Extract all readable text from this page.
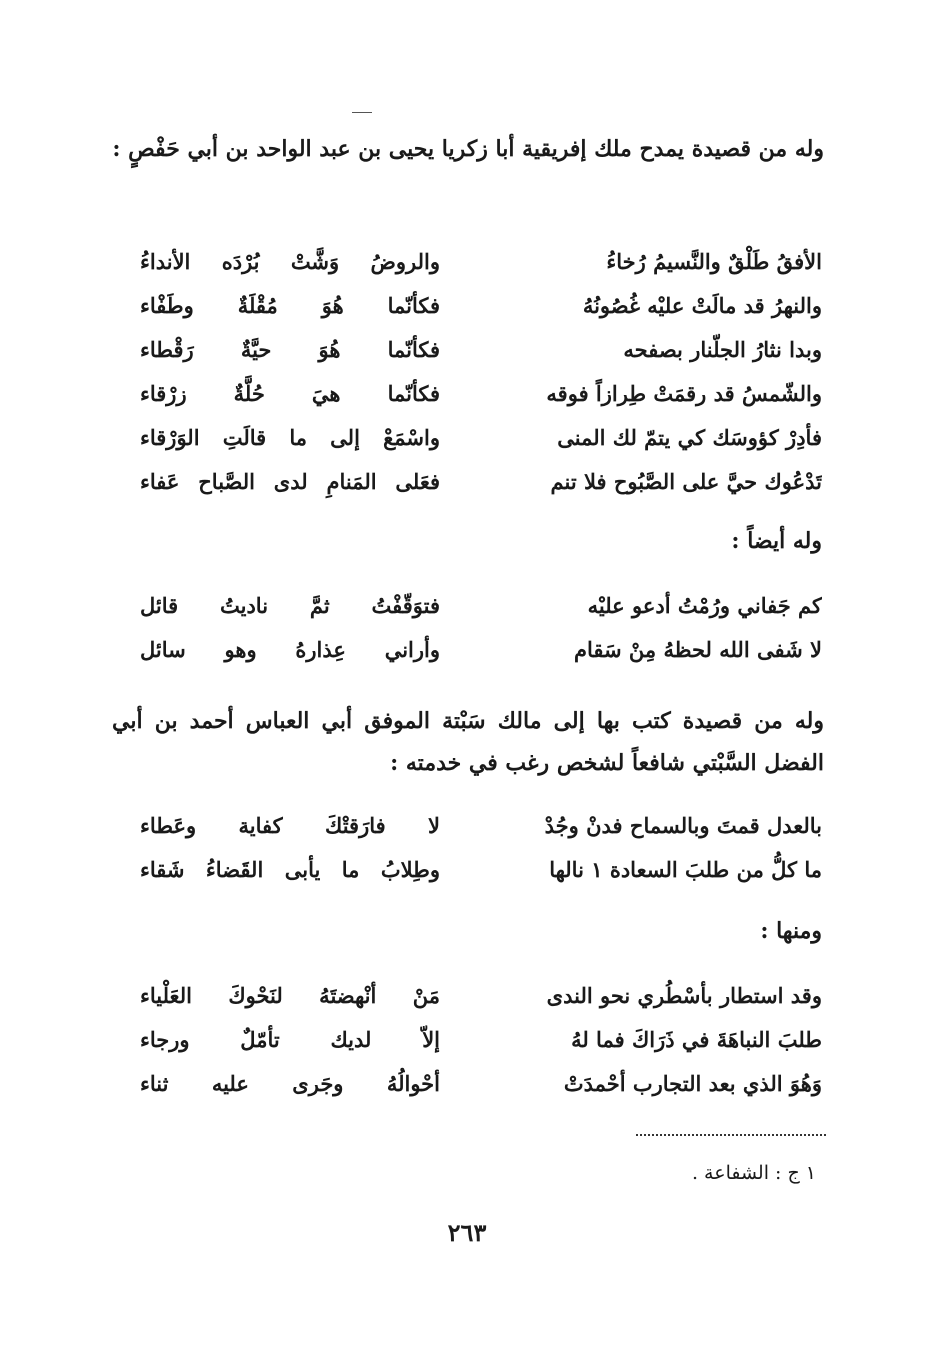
وله من قصيدة يمدح ملك إفريقية أبا زكريا يحيى بن عبد الواحد بن أبي حَفْصٍ :
الأفقُ طَلْقٌ والنَّسيمُ رُخاءُ
والروضُ وَشَّتْ بُرْدَه الأنداءُ
والنهرُ قد مالَتْ عليْه غُصُونُهُ
فكأنّما هُوَ مُقْلَةٌ وطَفْاء
وبدا نثارُ الجلّنار بصفحه
فكأنّما هُوَ حيَّةٌ رَقْطاء
والشّمسُ قد رقمَتْ طِرازاً فوقه
فكأنّما هيَ حُلَّةٌ زرْقاء
فأدِرْ كؤوسَك كي يتمّ لك المنى
واسْمَعْ إلى ما قالَتِ الوَرْقاء
تَدْعُوك حيَّ على الصَّبُوح فلا تنم
فعَلى المَنامِ لدى الصَّباح عَفاء
وله أيضاً :
كم جَفاني ورُمْتُ أدعو عليْه
فتوَقّفْتُ ثمَّ ناديتُ قائل
لا شَفى الله لحظهُ مِنْ سَقام
وأراني عِذارهُ وهو سائل
وله من قصيدة كتب بها إلى مالك سَبْتة الموفق أبي العباس أحمد بن أبي الفضل السَّبْتي شافعاً لشخص رغب في خدمته :
بالعدل قمتَ وبالسماح فدنْ وجُدْ
لا فارَقتْكَ كفاية وعَطاء
ما كلُّ من طلبَ السعادة ١ نالها
وطِلابُ ما يأبى القَضاءُ شَقاء
ومنها :
وقد استطار بأسْطُري نحو الندى
مَنْ أنْهضتَهُ لنَحْوكَ العَلْياء
طلبَ النباهَةَ في ذَرَاكَ فما لهُ
إلاّ لديك تأمّلٌ ورجاء
وَهُوَ الذي بعد التجارب أحْمدَتْ
أحْوالُهُ وجَرى عليه ثناء
١ ج : الشفاعة .
٢٦٣
